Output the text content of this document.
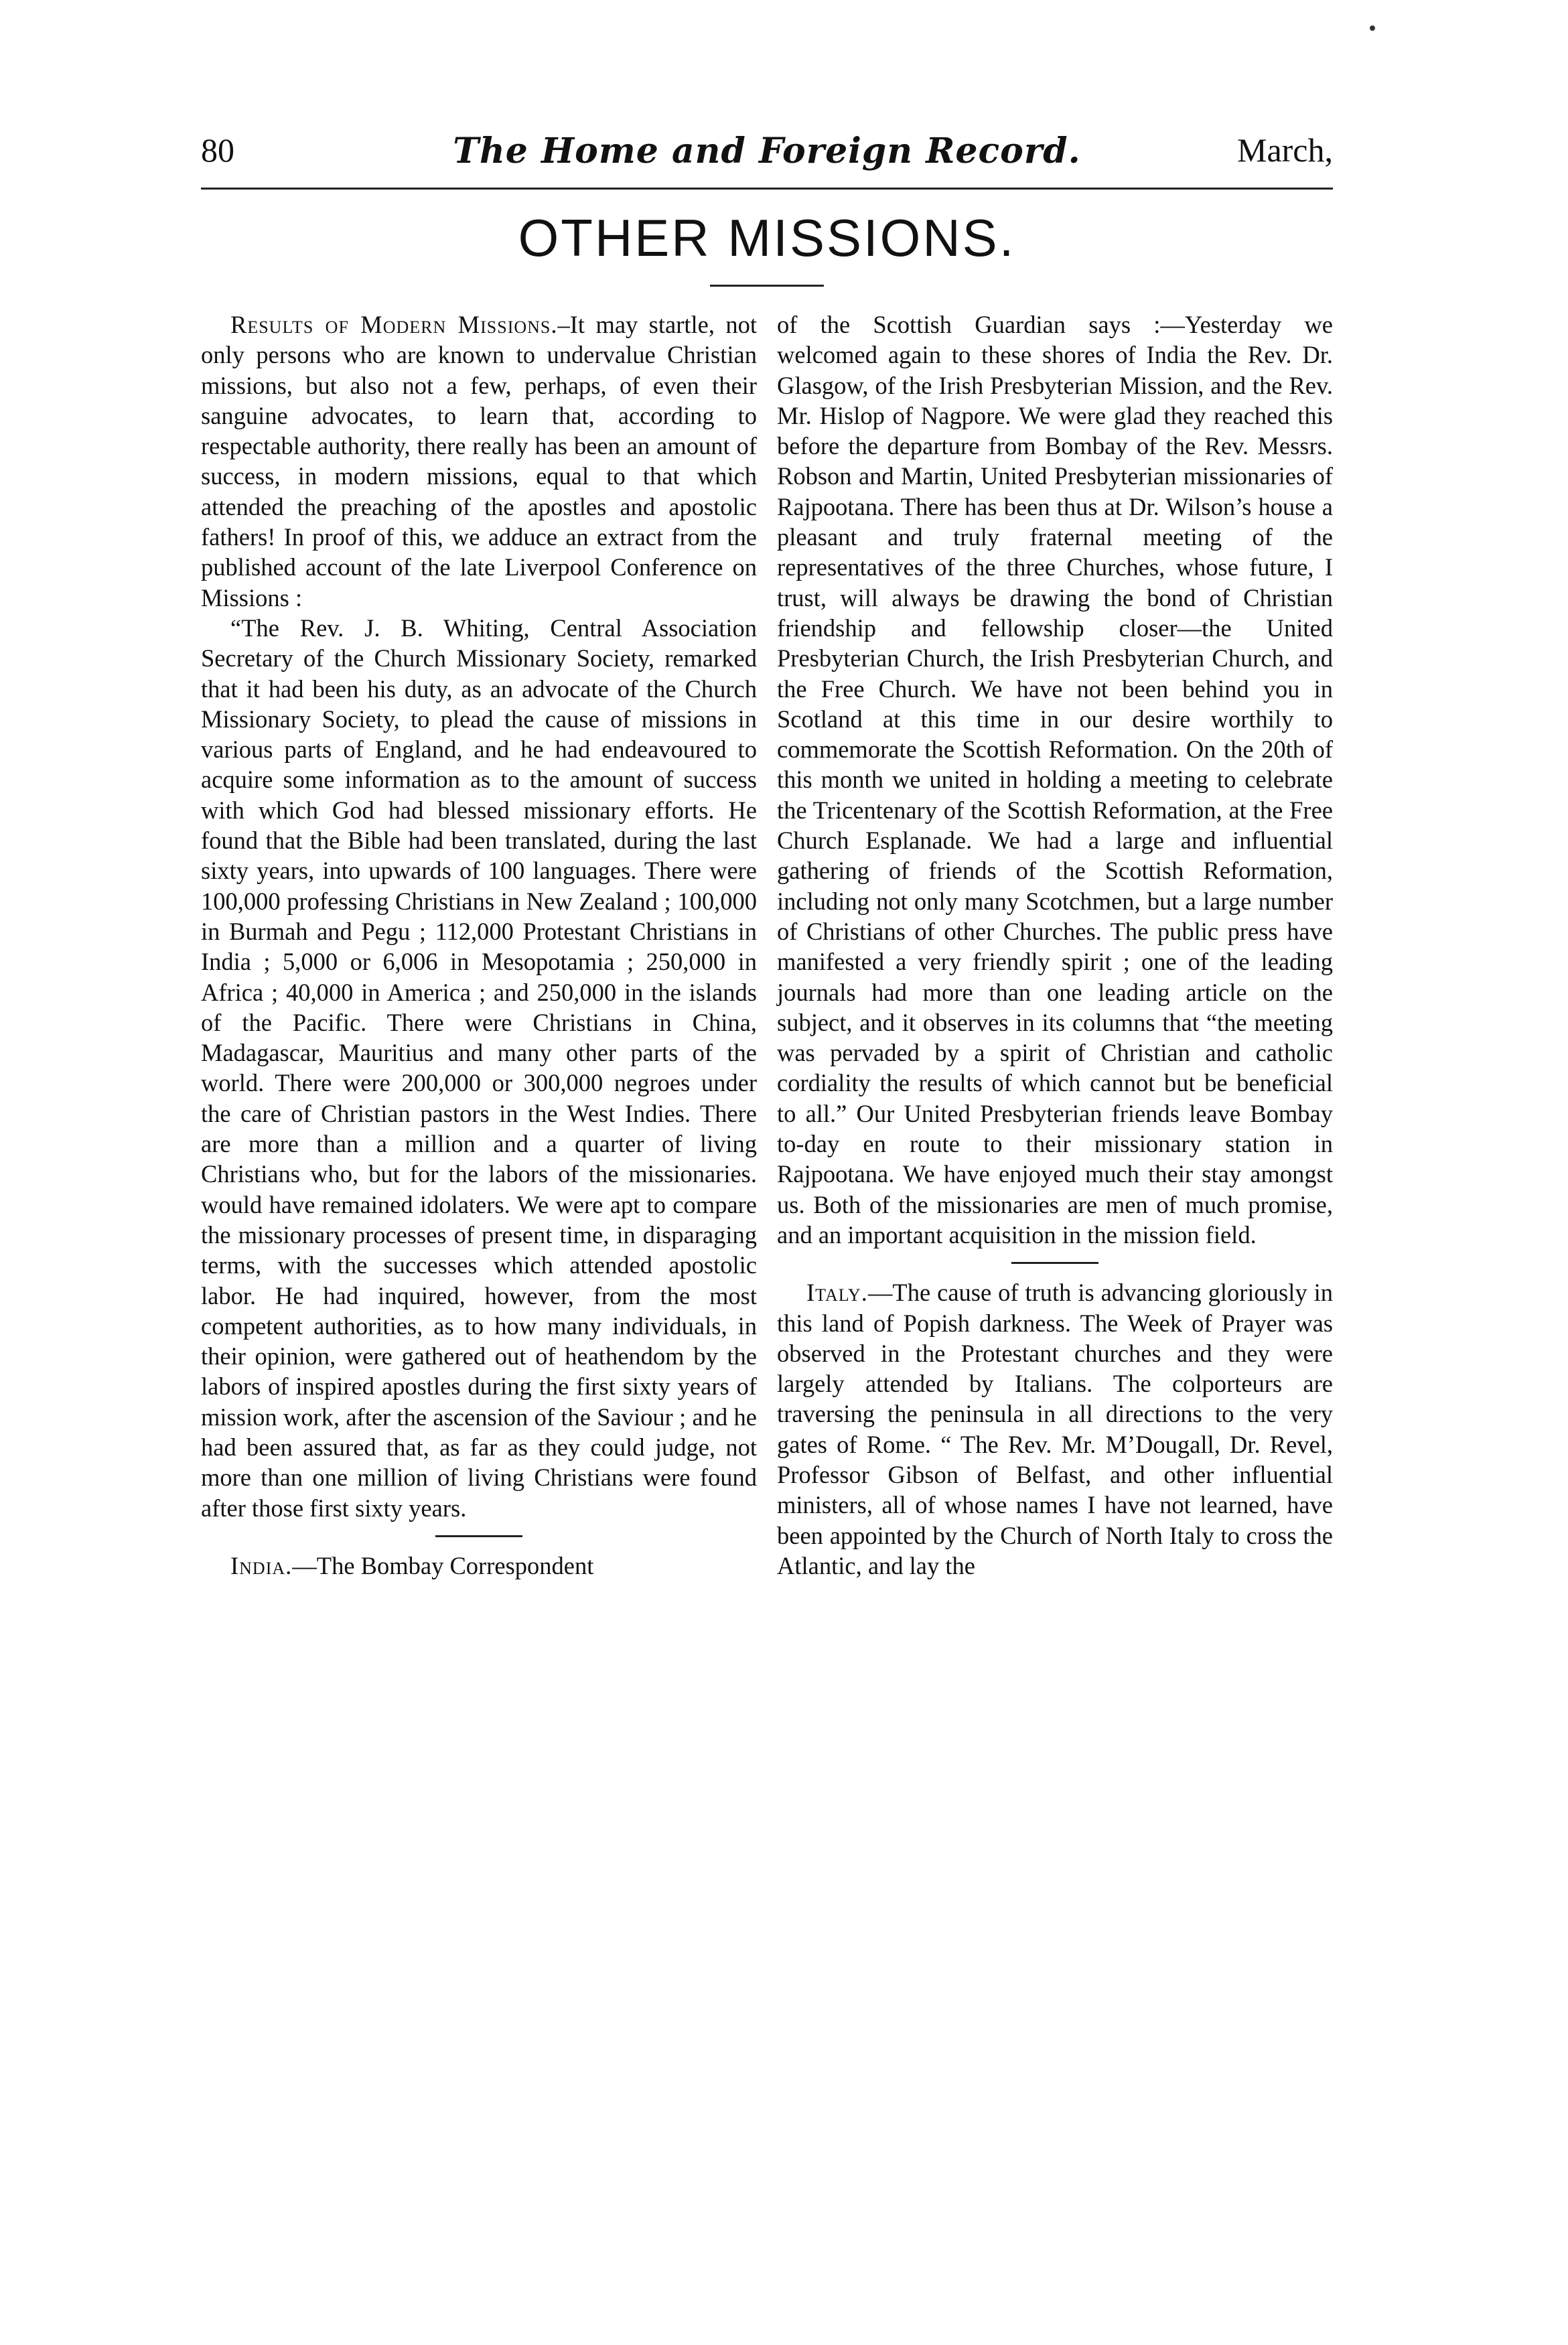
80	The Home and Foreign Record.	March,
OTHER MISSIONS.

Results of Modern Missions.–It may startle, not only persons who are known to undervalue Christian missions, but also not a few, perhaps, of even their sanguine advocates, to learn that, according to respectable authority, there really has been an amount of success, in modern missions, equal to that which attended the preaching of the apostles and apostolic fathers! In proof of this, we adduce an extract from the published account of the late Liverpool Conference on Missions :

“The Rev. J. B. Whiting, Central Association Secretary of the Church Missionary Society, remarked that it had been his duty, as an advocate of the Church Missionary Society, to plead the cause of missions in various parts of England, and he had endeavoured to acquire some information as to the amount of success with which God had blessed missionary efforts. He found that the Bible had been translated, during the last sixty years, into upwards of 100 languages. There were 100,000 professing Christians in New Zealand ; 100,000 in Burmah and Pegu ; 112,000 Protestant Christians in India ; 5,000 or 6,006 in Mesopotamia ; 250,000 in Africa ; 40,000 in America ; and 250,000 in the islands of the Pacific. There were Christians in China, Madagascar, Mauritius and many other parts of the world. There were 200,000 or 300,000 negroes under the care of Christian pastors in the West Indies. There are more than a million and a quarter of living Christians who, but for the labors of the missionaries. would have remained idolaters. We were apt to compare the missionary processes of present time, in disparaging terms, with the successes which attended apostolic labor. He had inquired, however, from the most competent authorities, as to how many individuals, in their opinion, were gathered out of heathendom by the labors of inspired apostles during the first sixty years of mission work, after the ascension of the Saviour ; and he had been assured that, as far as they could judge, not more than one million of living Christians were found after those first sixty years.

India.—The Bombay Correspondent

of the Scottish Guardian says :—Yesterday we welcomed again to these shores of India the Rev. Dr. Glasgow, of the Irish Presbyterian Mission, and the Rev. Mr. Hislop of Nagpore. We were glad they reached this before the departure from Bombay of the Rev. Messrs. Robson and Martin, United Presbyterian missionaries of Rajpootana. There has been thus at Dr. Wilson’s house a pleasant and truly fraternal meeting of the representatives of the three Churches, whose future, I trust, will always be drawing the bond of Christian friendship and fellowship closer—the United Presbyterian Church, the Irish Presbyterian Church, and the Free Church. We have not been behind you in Scotland at this time in our desire worthily to commemorate the Scottish Reformation. On the 20th of this month we united in holding a meeting to celebrate the Tricentenary of the Scottish Reformation, at the Free Church Esplanade. We had a large and influential gathering of friends of the Scottish Reformation, including not only many Scotchmen, but a large number of Christians of other Churches. The public press have manifested a very friendly spirit ; one of the leading journals had more than one leading article on the subject, and it observes in its columns that “the meeting was pervaded by a spirit of Christian and catholic cordiality the results of which cannot but be beneficial to all.” Our United Presbyterian friends leave Bombay to-day en route to their missionary station in Rajpootana. We have enjoyed much their stay amongst us. Both of the missionaries are men of much promise, and an important acquisition in the mission field.

Italy.—The cause of truth is advancing gloriously in this land of Popish darkness. The Week of Prayer was observed in the Protestant churches and they were largely attended by Italians. The colporteurs are traversing the peninsula in all directions to the very gates of Rome. “ The Rev. Mr. M’Dougall, Dr. Revel, Professor Gibson of Belfast, and other influential ministers, all of whose names I have not learned, have been appointed by the Church of North Italy to cross the Atlantic, and lay the
